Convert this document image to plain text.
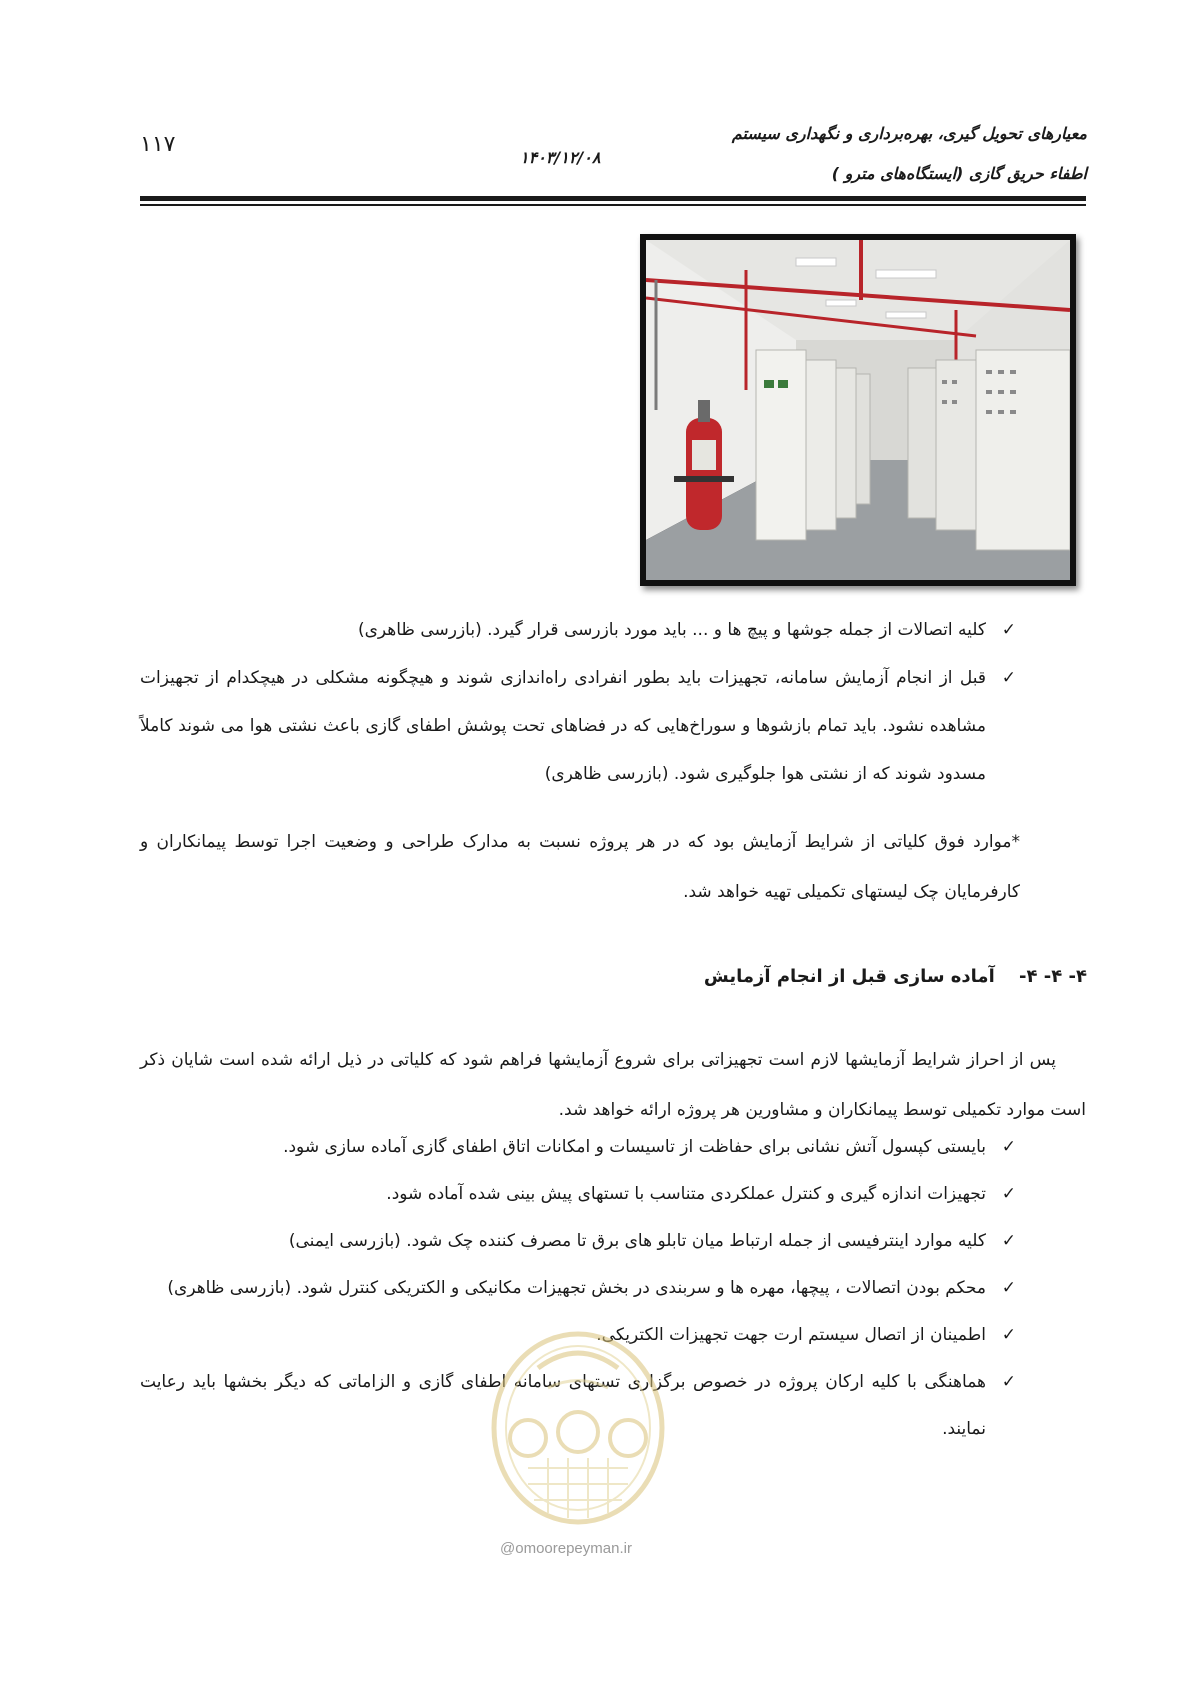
۱۱۷
۱۴۰۳/۱۲/۰۸
معیارهای تحویل گیری، بهره‌برداری و نگهداری سیستم
اطفاء حریق گازی (ایستگاه‌های مترو )
✓
کلیه اتصالات از جمله جوشها و پیچ ها و ... باید مورد بازرسی قرار گیرد. (بازرسی ظاهری)
✓
قبل از انجام آزمایش سامانه، تجهیزات باید بطور انفرادی راه‌اندازی شوند و هیچگونه مشکلی در هیچکدام از تجهیزات مشاهده نشود. باید تمام بازشوها و سوراخ‌هایی که در فضاهای تحت پوشش اطفای گازی باعث نشتی هوا می شوند کاملاً مسدود شوند که از نشتی هوا جلوگیری شود. (بازرسی ظاهری)

*موارد فوق کلیاتی از شرایط آزمایش بود که در هر پروژه نسبت به مدارک طراحی و وضعیت اجرا توسط پیمانکاران و کارفرمایان چک لیستهای تکمیلی تهیه خواهد شد.

۴- ۴- ۴- آماده سازی قبل از انجام آزمایش

پس از احراز شرایط آزمایشها لازم است تجهیزاتی برای شروع آزمایشها فراهم شود که کلیاتی در ذیل ارائه شده است شایان ذکر است موارد تکمیلی توسط پیمانکاران و مشاورین هر پروژه ارائه خواهد شد.

✓
بایستی کپسول آتش نشانی برای حفاظت از تاسیسات و امکانات اتاق اطفای گازی آماده سازی شود.
✓
تجهیزات اندازه گیری و کنترل عملکردی متناسب با تستهای پیش بینی شده آماده شود.
✓
کلیه موارد اینترفیسی از جمله ارتباط میان تابلو های برق تا مصرف کننده چک شود. (بازرسی ایمنی)
✓
محکم بودن اتصالات ، پیچها، مهره ها و سربندی در بخش تجهیزات مکانیکی و الکتریکی کنترل شود. (بازرسی ظاهری)
✓
اطمینان از اتصال سیستم ارت جهت تجهیزات الکتریکی.
✓
هماهنگی با کلیه ارکان پروژه در خصوص برگزاری تستهای سامانه اطفای گازی و الزاماتی که دیگر بخشها باید رعایت نمایند.
@omoorepeyman.ir
